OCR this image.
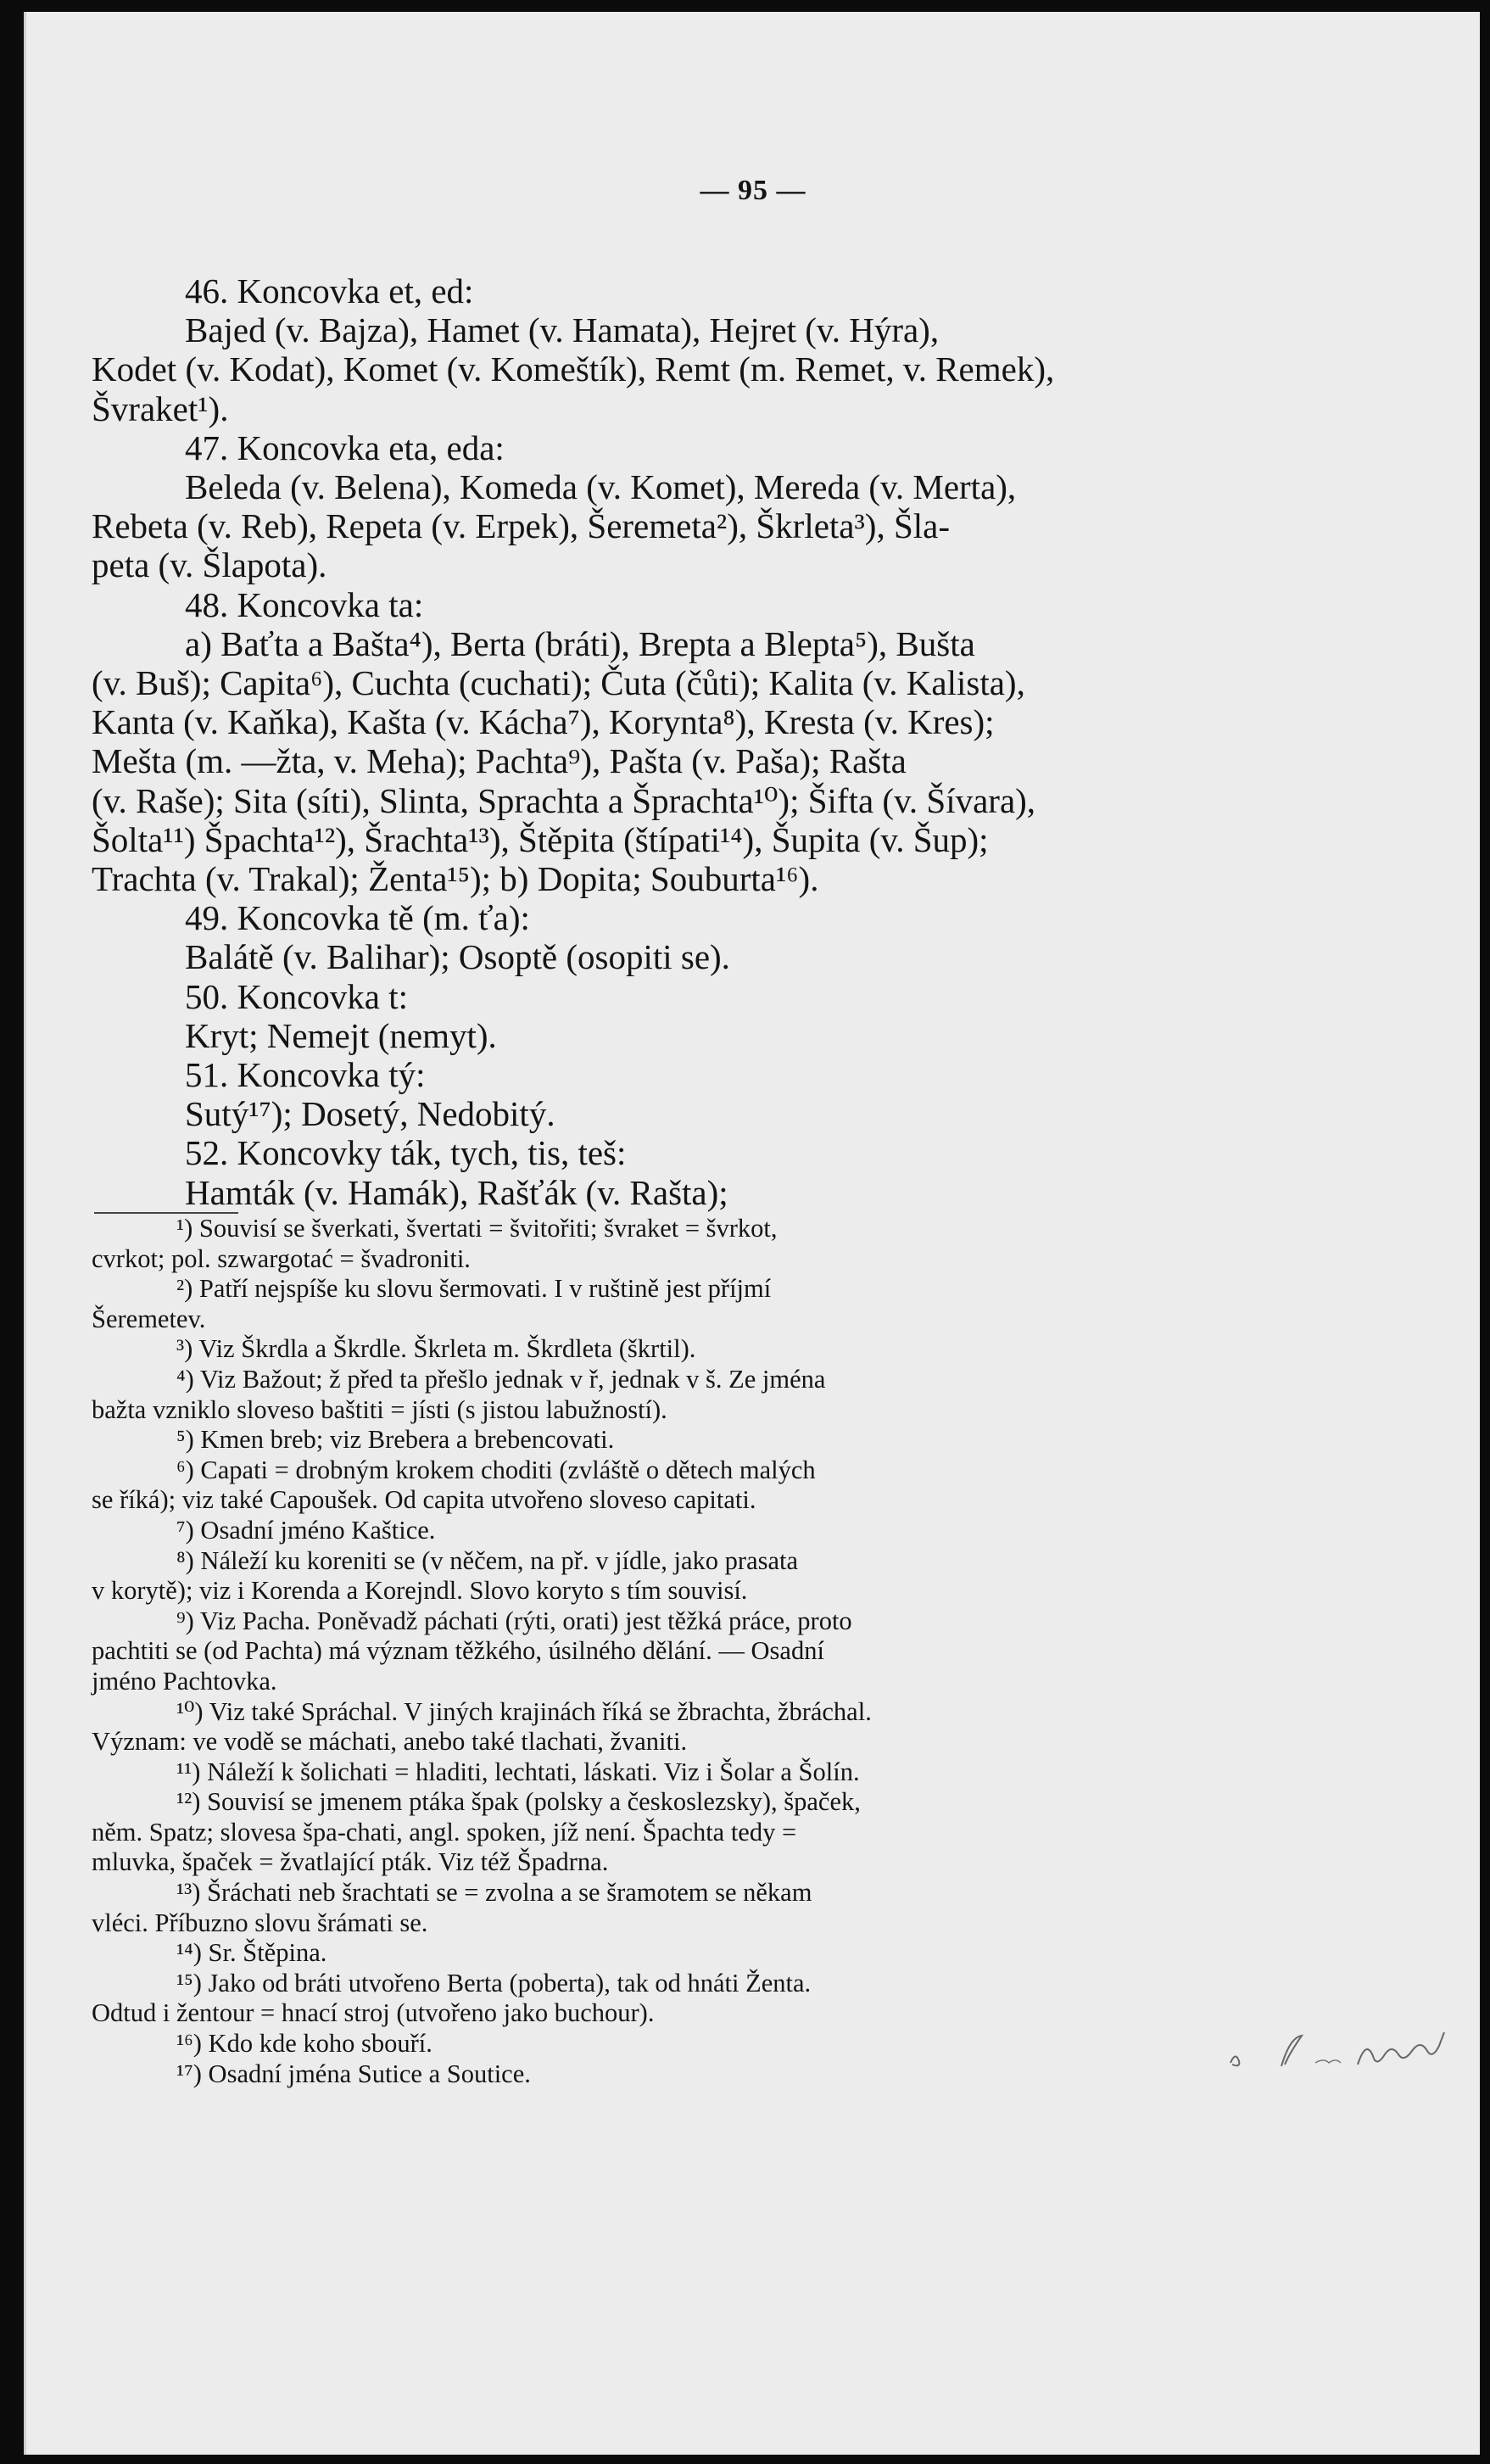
— 95 —
46. Koncovka et, ed:
Bajed (v. Bajza), Hamet (v. Hamata), Hejret (v. Hýra),
Kodet (v. Kodat), Komet (v. Komeštík), Remt (m. Remet, v. Remek),
Švraket¹).
47. Koncovka eta, eda:
Beleda (v. Belena), Komeda (v. Komet), Mereda (v. Merta),
Rebeta (v. Reb), Repeta (v. Erpek), Šeremeta²), Škrleta³), Šla-
peta (v. Šlapota).
48. Koncovka ta:
a) Baťta a Bašta⁴), Berta (bráti), Brepta a Blepta⁵), Bušta
(v. Buš); Capita⁶), Cuchta (cuchati); Čuta (čůti); Kalita (v. Kalista),
Kanta (v. Kaňka), Kašta (v. Kácha⁷), Korynta⁸), Kresta (v. Kres);
Mešta (m. —žta, v. Meha); Pachta⁹), Pašta (v. Paša); Rašta
(v. Raše); Sita (síti), Slinta, Sprachta a Šprachta¹⁰); Šifta (v. Šívara),
Šolta¹¹) Špachta¹²), Šrachta¹³), Štěpita (štípati¹⁴), Šupita (v. Šup);
Trachta (v. Trakal); Ženta¹⁵); b) Dopita; Souburta¹⁶).
49. Koncovka tě (m. ťa):
Balátě (v. Balihar); Osoptě (osopiti se).
50. Koncovka t:
Kryt; Nemejt (nemyt).
51. Koncovka tý:
Sutý¹⁷); Dosetý, Nedobitý.
52. Koncovky ták, tych, tis, teš:
Hamták (v. Hamák), Rašťák (v. Rašta);
¹) Souvisí se šverkati, švertati = švitořiti; švraket = švrkot,
cvrkot; pol. szwargotać = švadroniti.
²) Patří nejspíše ku slovu šermovati. I v ruštině jest příjmí
Šeremetev.
³) Viz Škrdla a Škrdle. Škrleta m. Škrdleta (škrtil).
⁴) Viz Bažout; ž před ta přešlo jednak v ř, jednak v š. Ze jména
bažta vzniklo sloveso baštiti = jísti (s jistou labužností).
⁵) Kmen breb; viz Brebera a brebencovati.
⁶) Capati = drobným krokem choditi (zvláště o dětech malých
se říká); viz také Capoušek. Od capita utvořeno sloveso capitati.
⁷) Osadní jméno Kaštice.
⁸) Náleží ku koreniti se (v něčem, na př. v jídle, jako prasata
v korytě); viz i Korenda a Korejndl. Slovo koryto s tím souvisí.
⁹) Viz Pacha. Poněvadž páchati (rýti, orati) jest těžká práce, proto
pachtiti se (od Pachta) má význam těžkého, úsilného dělání. — Osadní
jméno Pachtovka.
¹⁰) Viz také Spráchal. V jiných krajinách říká se žbrachta, žbráchal.
Význam: ve vodě se máchati, anebo také tlachati, žvaniti.
¹¹) Náleží k šolichati = hladiti, lechtati, láskati. Viz i Šolar a Šolín.
¹²) Souvisí se jmenem ptáka špak (polsky a českoslezsky), špaček,
něm. Spatz; slovesa špa-chati, angl. spoken, jíž není. Špachta tedy =
mluvka, špaček = žvatlající pták. Viz též Špadrna.
¹³) Šráchati neb šrachtati se = zvolna a se šramotem se někam
vléci. Příbuzno slovu šrámati se.
¹⁴) Sr. Štěpina.
¹⁵) Jako od bráti utvořeno Berta (poberta), tak od hnáti Ženta.
Odtud i žentour = hnací stroj (utvořeno jako buchour).
¹⁶) Kdo kde koho sbouří.
¹⁷) Osadní jména Sutice a Soutice.
